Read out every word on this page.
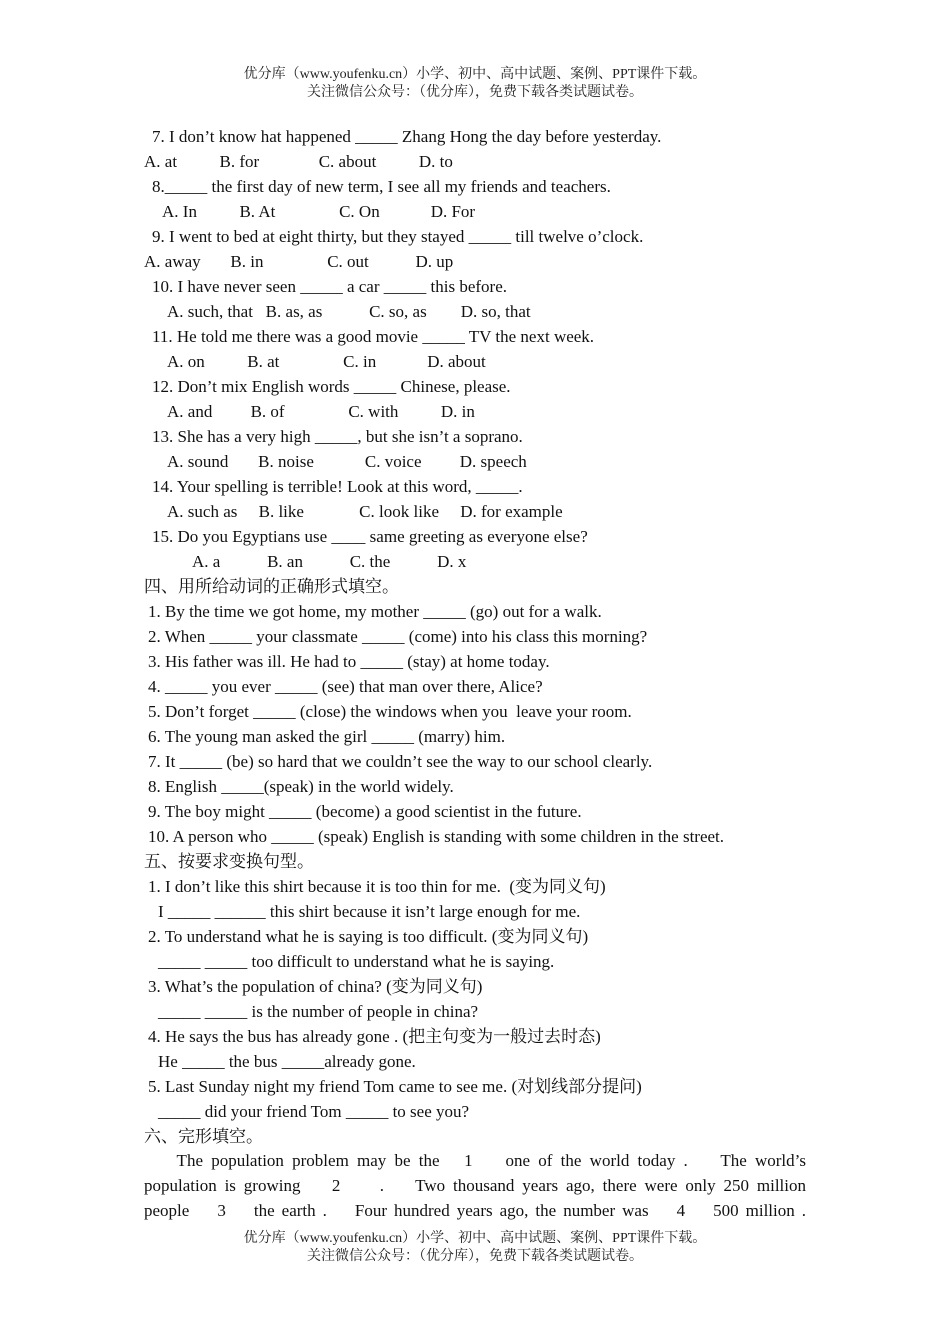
优分库（www.youfenku.cn）小学、初中、高中试题、案例、PPT课件下载。
关注微信公众号：（优分库），免费下载各类试题试卷。
7. I don’t know hat happened _____ Zhang Hong the day before yesterday.
A. at          B. for              C. about          D. to
8._____ the first day of new term, I see all my friends and teachers.
A. In          B. At               C. On            D. For
9. I went to bed at eight thirty, but they stayed _____ till twelve o’clock.
A. away       B. in               C. out           D. up
10. I have never seen _____ a car _____ this before.
A. such, that   B. as, as           C. so, as        D. so, that
11. He told me there was a good movie _____ TV the next week.
A. on          B. at               C. in            D. about
12. Don’t mix English words _____ Chinese, please.
A. and         B. of               C. with          D. in
13. She has a very high _____, but she isn’t a soprano.
A. sound       B. noise            C. voice         D. speech
14. Your spelling is terrible! Look at this word, _____.
A. such as     B. like             C. look like     D. for example
15. Do you Egyptians use ____ same greeting as everyone else?
A. a           B. an           C. the           D. x
四、用所给动词的正确形式填空。
1. By the time we got home, my mother _____ (go) out for a walk.
2. When _____ your classmate _____ (come) into his class this morning?
3. His father was ill. He had to _____ (stay) at home today.
4. _____ you ever _____ (see) that man over there, Alice?
5. Don’t forget _____ (close) the windows when you  leave your room.
6. The young man asked the girl _____ (marry) him.
7. It _____ (be) so hard that we couldn’t see the way to our school clearly.
8. English _____(speak) in the world widely.
9. The boy might _____ (become) a good scientist in the future.
10. A person who _____ (speak) English is standing with some children in the street.
五、按要求变换句型。
1. I don’t like this shirt because it is too thin for me.  (变为同义句)
I _____ ______ this shirt because it isn’t large enough for me.
2. To understand what he is saying is too difficult. (变为同义句)
_____ _____ too difficult to understand what he is saying.
3. What’s the population of china? (变为同义句)
_____ _____ is the number of people in china?
4. He says the bus has already gone . (把主句变为一般过去时态)
He _____ the bus _____already gone.
5. Last Sunday night my friend Tom came to see me. (对划线部分提问)
_____ did your friend Tom _____ to see you?
六、完形填空。
The population problem may be the   1    one of the world today .    The world’s
population is growing    2     .    Two thousand years ago, there were only 250 million
people    3    the earth .    Four hundred years ago, the number was    4    500 million .
优分库（www.youfenku.cn）小学、初中、高中试题、案例、PPT课件下载。
关注微信公众号：（优分库），免费下载各类试题试卷。
